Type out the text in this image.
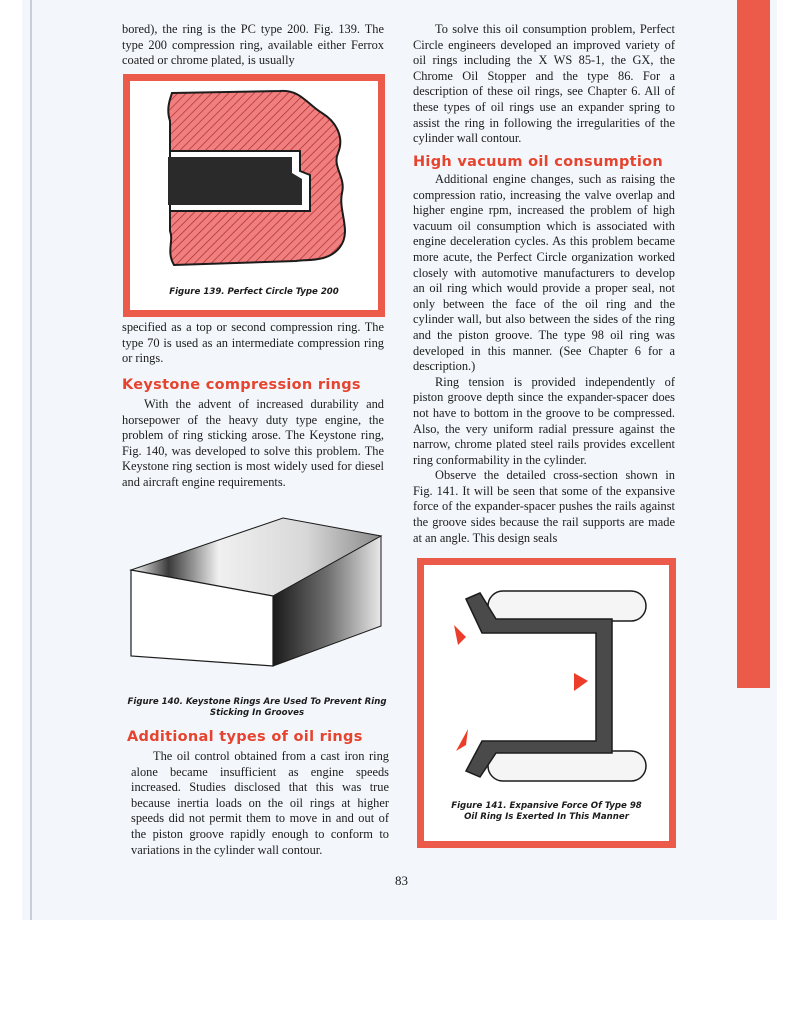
bored), the ring is the PC type 200. Fig. 139. The type 200 compression ring, available either Ferrox coated or chrome plated, is usually

Figure 139. Perfect Circle Type 200

specified as a top or second compression ring. The type 70 is used as an intermediate compression ring or rings.

Keystone compression rings

With the advent of increased durability and horsepower of the heavy duty type engine, the problem of ring sticking arose. The Keystone ring, Fig. 140, was developed to solve this problem. The Keystone ring section is most widely used for diesel and aircraft engine requirements.

Figure 140. Keystone Rings Are Used To Prevent Ring
Sticking In Grooves
Additional types of oil rings

The oil control obtained from a cast iron ring alone became insufficient as engine speeds increased. Studies disclosed that this was true because inertia loads on the oil rings at higher speeds did not permit them to move in and out of the piston groove rapidly enough to conform to variations in the cylinder wall contour.

To solve this oil consumption problem, Perfect Circle engineers developed an improved variety of oil rings including the X WS 85-1, the GX, the Chrome Oil Stopper and the type 86. For a description of these oil rings, see Chapter 6. All of these types of oil rings use an expander spring to assist the ring in following the irregularities of the cylinder wall contour.

High vacuum oil consumption

Additional engine changes, such as raising the compression ratio, increasing the valve overlap and higher engine rpm, increased the problem of high vacuum oil consumption which is associated with engine deceleration cycles. As this problem became more acute, the Perfect Circle organization worked closely with automotive manufacturers to develop an oil ring which would provide a proper seal, not only between the face of the oil ring and the cylinder wall, but also between the sides of the ring and the piston groove. The type 98 oil ring was developed in this manner. (See Chapter 6 for a description.)

Ring tension is provided independently of piston groove depth since the expander-spacer does not have to bottom in the groove to be compressed. Also, the very uniform radial pressure against the narrow, chrome plated steel rails provides excellent ring conformability in the cylinder.

Observe the detailed cross-section shown in Fig. 141. It will be seen that some of the expansive force of the expander-spacer pushes the rails against the groove sides because the rail supports are made at an angle. This design seals

Figure 141. Expansive Force Of Type 98
Oil Ring Is Exerted In This Manner
83
